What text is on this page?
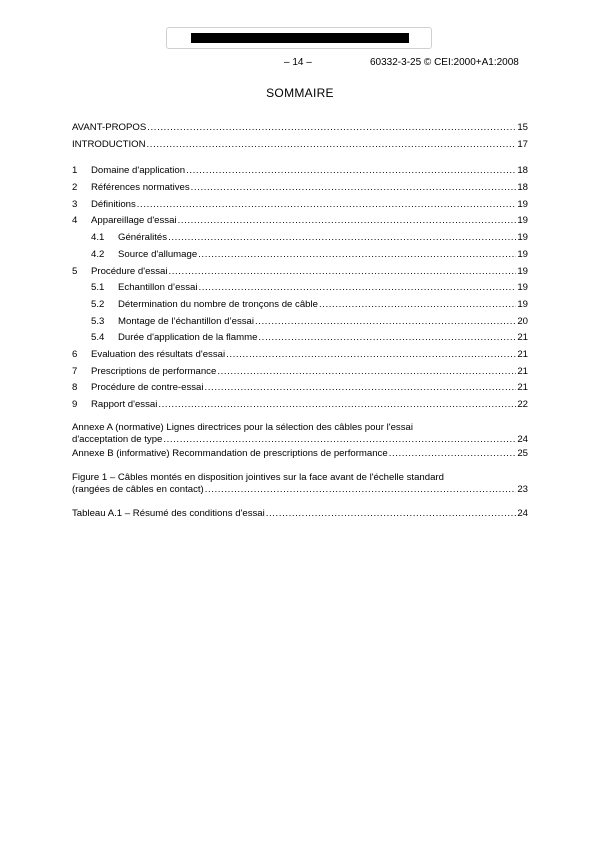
– 14 –	60332-3-25 © CEI:2000+A1:2008
SOMMAIRE
AVANT-PROPOS .....	15
INTRODUCTION .....	17
1	Domaine d'application .....	18
2	Références normatives .....	18
3	Définitions .....	19
4	Appareillage d'essai .....	19
4.1	Généralités .....	19
4.2	Source d'allumage .....	19
5	Procédure d'essai .....	19
5.1	Echantillon d’essai .....	19
5.2	Détermination du nombre de tronçons de câble .....	19
5.3	Montage de l’échantillon d’essai .....	20
5.4	Durée d'application de la flamme .....	21
6	Evaluation des résultats d'essai .....	21
7	Prescriptions de performance .....	21
8	Procédure de contre-essai .....	21
9	Rapport d'essai .....	22
Annexe A (normative) Lignes directrices pour la sélection des câbles pour l'essai
d'acceptation de type .....	24
Annexe B (informative) Recommandation de prescriptions de performance .....	25
Figure 1 – Câbles montés en disposition jointives sur la face avant de l'échelle standard
(rangées de câbles en contact) .....	23
Tableau A.1 – Résumé des conditions d'essai .....	24
